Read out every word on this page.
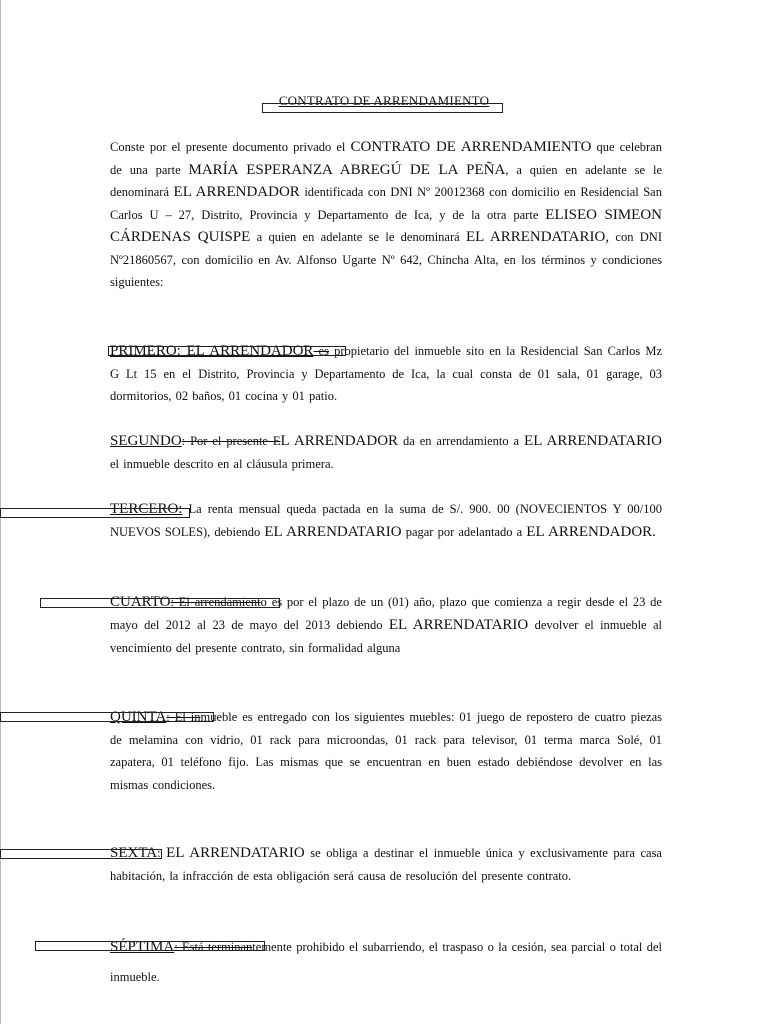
CONTRATO DE ARRENDAMIENTO
Conste por el presente documento privado el CONTRATO DE ARRENDAMIENTO que celebran de una parte MARÍA ESPERANZA ABREGÚ DE LA PEÑA, a quien en adelante se le denominará EL ARRENDADOR identificada con DNI Nº 20012368 con domicilio en Residencial San Carlos U – 27, Distrito, Provincia y Departamento de Ica, y de la otra parte ELISEO SIMEON CÁRDENAS QUISPE a quien en adelante se le denominará EL ARRENDATARIO, con DNI Nº21860567, con domicilio en Av. Alfonso Ugarte Nº 642, Chincha Alta, en los términos y condiciones siguientes:
PRIMERO: EL ARRENDADOR es propietario del inmueble sito en la Residencial San Carlos Mz G Lt 15 en el Distrito, Provincia y Departamento de Ica, la cual consta de 01 sala, 01 garage, 03 dormitorios, 02 baños, 01 cocina y 01 patio.
SEGUNDO: Por el presente EL ARRENDADOR da en arrendamiento a EL ARRENDATARIO el inmueble descrito en al cláusula primera.
TERCERO: La renta mensual queda pactada en la suma de S/. 900. 00 (NOVECIENTOS Y 00/100 NUEVOS SOLES), debiendo EL ARRENDATARIO pagar por adelantado a EL ARRENDADOR.
CUARTO: El arrendamiento es por el plazo de un (01) año, plazo que comienza a regir desde el 23 de mayo del 2012 al 23 de mayo del 2013 debiendo EL ARRENDATARIO devolver el inmueble al vencimiento del presente contrato, sin formalidad alguna
QUINTA: El inmueble es entregado con los siguientes muebles: 01 juego de repostero de cuatro piezas de melamina con vidrio, 01 rack para microondas, 01 rack para televisor, 01 terma marca Solé, 01 zapatera, 01 teléfono fijo. Las mismas que se encuentran en buen estado debiéndose devolver en las mismas condiciones.
SEXTA: EL ARRENDATARIO se obliga a destinar el inmueble única y exclusivamente para casa habitación, la infracción de esta obligación será causa de resolución del presente contrato.
SÉPTIMA: Está terminantemente prohibido el subarriendo, el traspaso o la cesión, sea parcial o total del inmueble.
